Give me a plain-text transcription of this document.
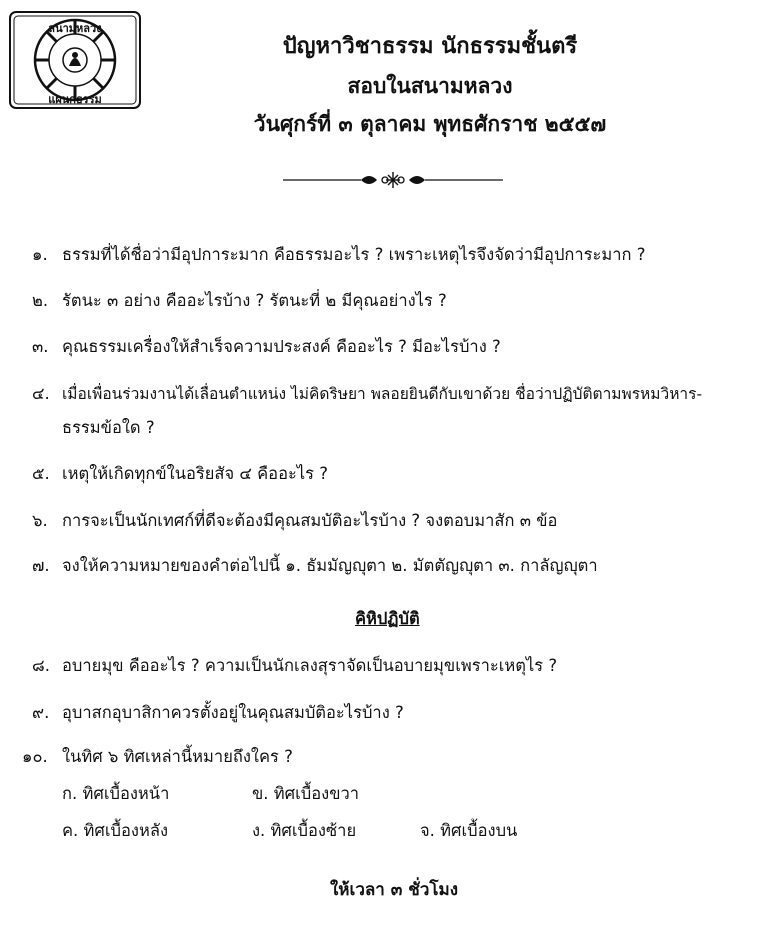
สนามหลวง
แผนกธรรม
ปัญหาวิชาธรรม นักธรรมชั้นตรี
สอบในสนามหลวง
วันศุกร์ที่ ๓ ตุลาคม พุทธศักราช ๒๕๕๗
๑. ธรรมที่ได้ชื่อว่ามีอุปการะมาก คือธรรมอะไร ? เพราะเหตุไรจึงจัดว่ามีอุปการะมาก ?
๒. รัตนะ ๓ อย่าง คืออะไรบ้าง ? รัตนะที่ ๒ มีคุณอย่างไร ?
๓. คุณธรรมเครื่องให้สำเร็จความประสงค์ คืออะไร ? มีอะไรบ้าง ?
๔. เมื่อเพื่อนร่วมงานได้เลื่อนตำแหน่ง ไม่คิดริษยา พลอยยินดีกับเขาด้วย ชื่อว่าปฏิบัติตามพรหมวิหาร-
ธรรมข้อใด ?
๕. เหตุให้เกิดทุกข์ในอริยสัจ ๔ คืออะไร ?
๖. การจะเป็นนักเทศก์ที่ดีจะต้องมีคุณสมบัติอะไรบ้าง ? จงตอบมาสัก ๓ ข้อ
๗. จงให้ความหมายของคำต่อไปนี้ ๑. ธัมมัญญุตา ๒. มัตตัญญุตา ๓. กาลัญญุตา
คิหิปฏิบัติ
๘. อบายมุข คืออะไร ? ความเป็นนักเลงสุราจัดเป็นอบายมุขเพราะเหตุไร ?
๙. อุบาสกอุบาสิกาควรตั้งอยู่ในคุณสมบัติอะไรบ้าง ?
๑๐. ในทิศ ๖ ทิศเหล่านี้หมายถึงใคร ?
ก. ทิศเบื้องหน้า	ข. ทิศเบื้องขวา
ค. ทิศเบื้องหลัง	ง. ทิศเบื้องซ้าย	จ. ทิศเบื้องบน
ให้เวลา ๓ ชั่วโมง
